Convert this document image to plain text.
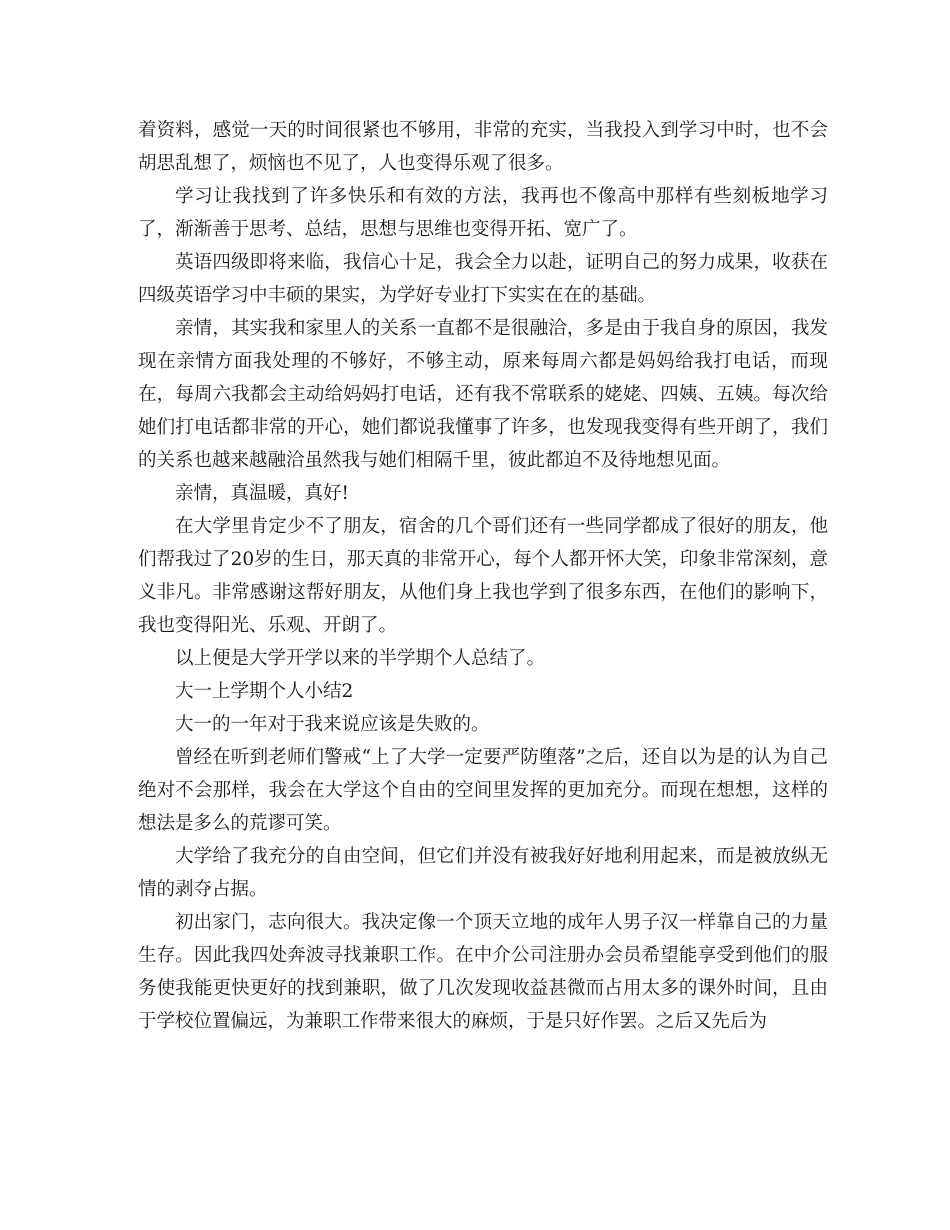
着资料，感觉一天的时间很紧也不够用，非常的充实，当我投入到学习中时，也不会胡思乱想了，烦恼也不见了，人也变得乐观了很多。

学习让我找到了许多快乐和有效的方法，我再也不像高中那样有些刻板地学习了，渐渐善于思考、总结，思想与思维也变得开拓、宽广了。

英语四级即将来临，我信心十足，我会全力以赴，证明自己的努力成果，收获在四级英语学习中丰硕的果实，为学好专业打下实实在在的基础。

亲情，其实我和家里人的关系一直都不是很融洽，多是由于我自身的原因，我发现在亲情方面我处理的不够好，不够主动，原来每周六都是妈妈给我打电话，而现在，每周六我都会主动给妈妈打电话，还有我不常联系的姥姥、四姨、五姨。每次给她们打电话都非常的开心，她们都说我懂事了许多，也发现我变得有些开朗了，我们的关系也越来越融洽虽然我与她们相隔千里，彼此都迫不及待地想见面。

亲情，真温暖，真好!

在大学里肯定少不了朋友，宿舍的几个哥们还有一些同学都成了很好的朋友，他们帮我过了20岁的生日，那天真的非常开心，每个人都开怀大笑，印象非常深刻，意义非凡。非常感谢这帮好朋友，从他们身上我也学到了很多东西，在他们的影响下，我也变得阳光、乐观、开朗了。

以上便是大学开学以来的半学期个人总结了。

大一上学期个人小结2

大一的一年对于我来说应该是失败的。

曾经在听到老师们警戒“上了大学一定要严防堕落”之后，还自以为是的认为自己绝对不会那样，我会在大学这个自由的空间里发挥的更加充分。而现在想想，这样的想法是多么的荒谬可笑。

大学给了我充分的自由空间，但它们并没有被我好好地利用起来，而是被放纵无情的剥夺占据。

初出家门，志向很大。我决定像一个顶天立地的成年人男子汉一样靠自己的力量生存。因此我四处奔波寻找兼职工作。在中介公司注册办会员希望能享受到他们的服务使我能更快更好的找到兼职，做了几次发现收益甚微而占用太多的课外时间，且由于学校位置偏远，为兼职工作带来很大的麻烦，于是只好作罢。之后又先后为
